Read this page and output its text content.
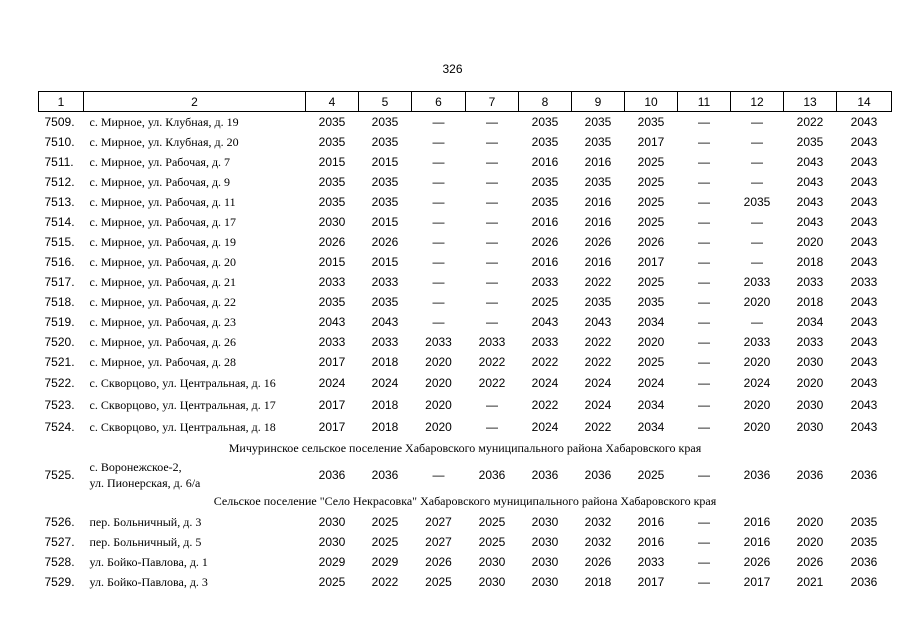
326
1	2	4	5	6	7	8	9	10	11	12	13	14
7509.	с. Мирное, ул. Клубная, д. 19	2035	2035	—	—	2035	2035	2035	—	—	2022	2043
7510.	с. Мирное, ул. Клубная, д. 20	2035	2035	—	—	2035	2035	2017	—	—	2035	2043
7511.	с. Мирное, ул. Рабочая, д. 7	2015	2015	—	—	2016	2016	2025	—	—	2043	2043
7512.	с. Мирное, ул. Рабочая, д. 9	2035	2035	—	—	2035	2035	2025	—	—	2043	2043
7513.	с. Мирное, ул. Рабочая, д. 11	2035	2035	—	—	2035	2016	2025	—	2035	2043	2043
7514.	с. Мирное, ул. Рабочая, д. 17	2030	2015	—	—	2016	2016	2025	—	—	2043	2043
7515.	с. Мирное, ул. Рабочая, д. 19	2026	2026	—	—	2026	2026	2026	—	—	2020	2043
7516.	с. Мирное, ул. Рабочая, д. 20	2015	2015	—	—	2016	2016	2017	—	—	2018	2043
7517.	с. Мирное, ул. Рабочая, д. 21	2033	2033	—	—	2033	2022	2025	—	2033	2033	2033
7518.	с. Мирное, ул. Рабочая, д. 22	2035	2035	—	—	2025	2035	2035	—	2020	2018	2043
7519.	с. Мирное, ул. Рабочая, д. 23	2043	2043	—	—	2043	2043	2034	—	—	2034	2043
7520.	с. Мирное, ул. Рабочая, д. 26	2033	2033	2033	2033	2033	2022	2020	—	2033	2033	2043
7521.	с. Мирное, ул. Рабочая, д. 28	2017	2018	2020	2022	2022	2022	2025	—	2020	2030	2043
7522.	с. Скворцово, ул. Центральная, д. 16	2024	2024	2020	2022	2024	2024	2024	—	2024	2020	2043
7523.	с. Скворцово, ул. Центральная, д. 17	2017	2018	2020	—	2022	2024	2034	—	2020	2030	2043
7524.	с. Скворцово, ул. Центральная, д. 18	2017	2018	2020	—	2024	2022	2034	—	2020	2030	2043
Мичуринское сельское поселение Хабаровского муниципального района Хабаровского края												
7525.	с. Воронежское-2,
ул. Пионерская, д. 6/а	2036	2036	—	2036	2036	2036	2025	—	2036	2036	2036
Сельское поселение "Село Некрасовка" Хабаровского муниципального района Хабаровского края												
7526.	пер. Больничный, д. 3	2030	2025	2027	2025	2030	2032	2016	—	2016	2020	2035
7527.	пер. Больничный, д. 5	2030	2025	2027	2025	2030	2032	2016	—	2016	2020	2035
7528.	ул. Бойко-Павлова, д. 1	2029	2029	2026	2030	2030	2026	2033	—	2026	2026	2036
7529.	ул. Бойко-Павлова, д. 3	2025	2022	2025	2030	2030	2018	2017	—	2017	2021	2036
